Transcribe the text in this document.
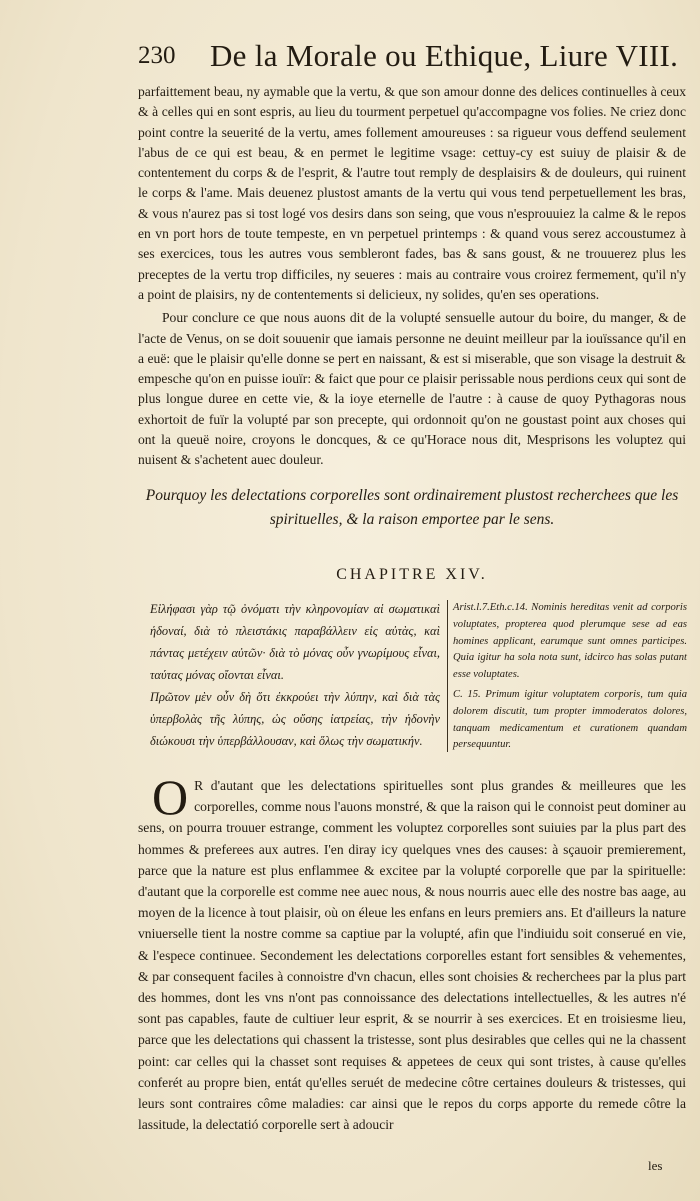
230 De la Morale ou Ethique, Liure VIII.

parfaittement beau, ny aymable que la vertu, & que son amour donne des delices continuelles à ceux & à celles qui en sont espris, au lieu du tourment perpetuel qu'accompagne vos folies. Ne criez donc point contre la seuerité de la vertu, ames follement amoureuses : sa rigueur vous deffend seulement l'abus de ce qui est beau, & en permet le legitime vsage: cettuy-cy est suiuy de plaisir & de contentement du corps & de l'esprit, & l'autre tout remply de desplaisirs & de douleurs, qui ruinent le corps & l'ame. Mais deuenez plustost amants de la vertu qui vous tend perpetuellement les bras, & vous n'aurez pas si tost logé vos desirs dans son seing, que vous n'esprouuiez la calme & le repos en vn port hors de toute tempeste, en vn perpetuel printemps : & quand vous serez accoustumez à ses exercices, tous les autres vous sembleront fades, bas & sans goust, & ne trouuerez plus les preceptes de la vertu trop difficiles, ny seueres : mais au contraire vous croirez fermement, qu'il n'y a point de plaisirs, ny de contentements si delicieux, ny solides, qu'en ses operations.

Pour conclure ce que nous auons dit de la volupté sensuelle autour du boire, du manger, & de l'acte de Venus, on se doit souuenir que iamais personne ne deuint meilleur par la iouïssance qu'il en a euë: que le plaisir qu'elle donne se pert en naissant, & est si miserable, que son visage la destruit & empesche qu'on en puisse iouïr: & faict que pour ce plaisir perissable nous perdions ceux qui sont de plus longue duree en cette vie, & la ioye eternelle de l'autre : à cause de quoy Pythagoras nous exhortoit de fuïr la volupté par son precepte, qui ordonnoit qu'on ne goustast point aux choses qui ont la queuë noire, croyons le doncques, & ce qu'Horace nous dit, Mesprisons les voluptez qui nuisent & s'achetent auec douleur.

Pourquoy les delectations corporelles sont ordinairement plustost recherchees que les spirituelles, & la raison emportee par le sens.
CHAPITRE XIV.

Εἰλήφασι γὰρ τῷ ὀνόματι τὴν κληρονομίαν αἱ σωματικαὶ ἡδοναί, διὰ τὸ πλειστάκις παραβάλλειν εἰς αὐτὰς, καὶ πάντας μετέχειν αὐτῶν· διὰ τὸ μόνας οὖν γνωρίμους εἶναι, ταύτας μόνας οἴονται εἶναι.

Πρῶτον μὲν οὖν δὴ ὅτι ἐκκρούει τὴν λύπην, καὶ διὰ τὰς ὑπερβολὰς τῆς λύπης, ὡς οὔσης ἰατρείας, τὴν ἡδονὴν διώκουσι τὴν ὑπερβάλλουσαν, καὶ ὅλως τὴν σωματικήν.

Arist.l.7.Eth.c.14. Nominis hereditas venit ad corporis voluptates, propterea quod plerumque sese ad eas homines applicant, earumque sunt omnes participes. Quia igitur ha sola nota sunt, idcirco has solas putant esse voluptates.

C. 15. Primum igitur voluptatem corporis, tum quia dolorem discutit, tum propter immoderatos dolores, tanquam medicamentum et curationem quandam persequuntur.

O R d'autant que les delectations spirituelles sont plus grandes & meilleures que les corporelles, comme nous l'auons monstré, & que la raison qui le connoist peut dominer au sens, on pourra trouuer estrange, comment les voluptez corporelles sont suiuies par la plus part des hommes & preferees aux autres. I'en diray icy quelques vnes des causes: à sçauoir premierement, parce que la nature est plus enflammee & excitee par la volupté corporelle que par la spirituelle: d'autant que la corporelle est comme nee auec nous, & nous nourris auec elle des nostre bas aage, au moyen de la licence à tout plaisir, où on éleue les enfans en leurs premiers ans. Et d'ailleurs la nature vniuerselle tient la nostre comme sa captiue par la volupté, afin que l'indiuidu soit conserué en vie, & l'espece continuee. Secondement les delectations corporelles estant fort sensibles & vehementes, & par consequent faciles à connoistre d'vn chacun, elles sont choisies & recherchees par la plus part des hommes, dont les vns n'ont pas connoissance des delectations intellectuelles, & les autres n'é sont pas capables, faute de cultiuer leur esprit, & se nourrir à ses exercices. Et en troisiesme lieu, parce que les delectations qui chassent la tristesse, sont plus desirables que celles qui ne la chassent point: car celles qui la chasset sont requises & appetees de ceux qui sont tristes, à cause qu'elles conferét au propre bien, entát qu'elles seruét de medecine côtre certaines douleurs & tristesses, qui leurs sont contraires côme maladies: car ainsi que le repos du corps apporte du remede côtre la lassitude, la delectatió corporelle sert à adoucir
les
